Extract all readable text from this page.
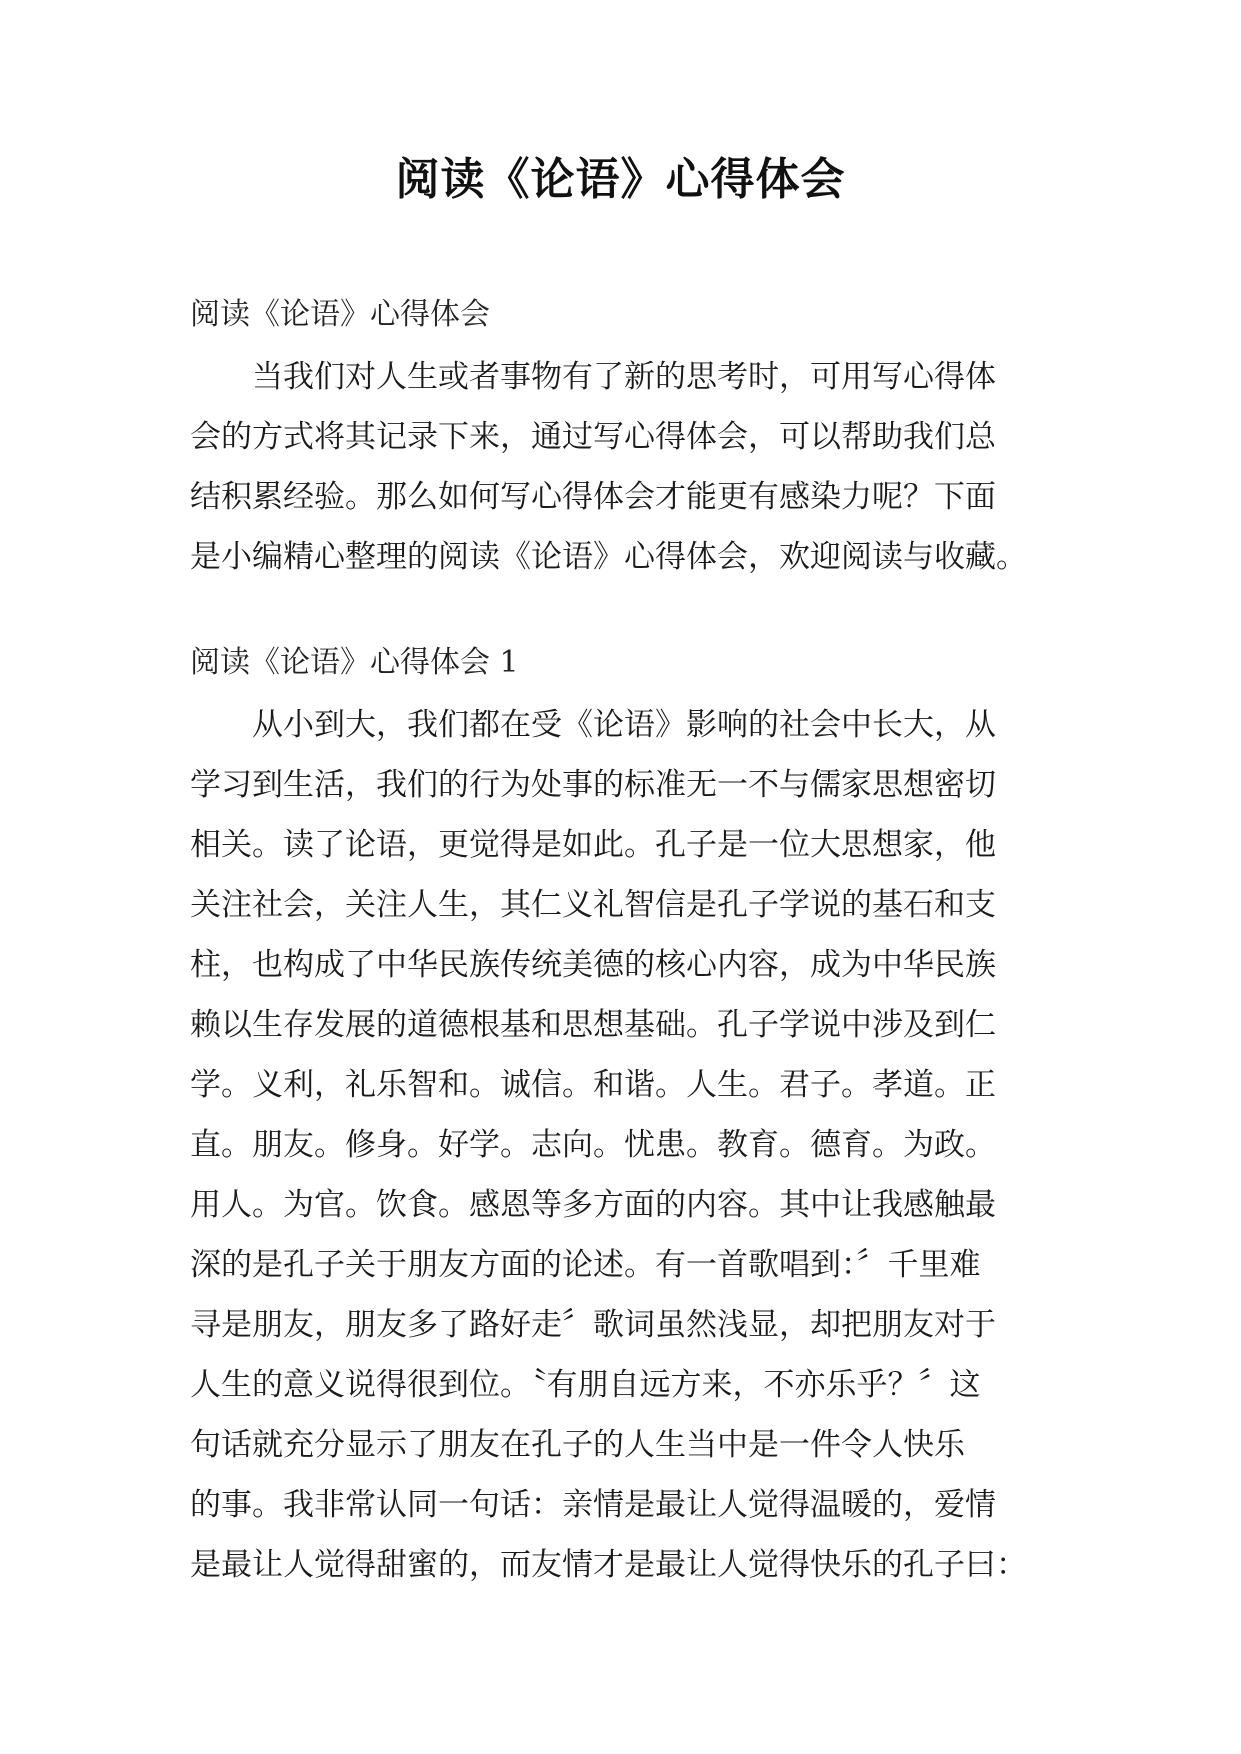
阅读《论语》心得体会

阅读《论语》心得体会

　　当我们对人生或者事物有了新的思考时，可用写心得体
会的方式将其记录下来，通过写心得体会，可以帮助我们总
结积累经验。那么如何写心得体会才能更有感染力呢？下面
是小编精心整理的阅读《论语》心得体会，欢迎阅读与收藏。

阅读《论语》心得体会 1

　　从小到大，我们都在受《论语》影响的社会中长大，从
学习到生活，我们的行为处事的标准无一不与儒家思想密切
相关。读了论语，更觉得是如此。孔子是一位大思想家，他
关注社会，关注人生，其仁义礼智信是孔子学说的基石和支
柱，也构成了中华民族传统美德的核心内容，成为中华民族
赖以生存发展的道德根基和思想基础。孔子学说中涉及到仁
学。义利，礼乐智和。诚信。和谐。人生。君子。孝道。正
直。朋友。修身。好学。志向。忧患。教育。德育。为政。
用人。为官。饮食。感恩等多方面的内容。其中让我感触最
深的是孔子关于朋友方面的论述。有一首歌唱到：〞千里难
寻是朋友，朋友多了路好走〞歌词虽然浅显，却把朋友对于
人生的意义说得很到位。〝有朋自远方来，不亦乐乎？〞这
句话就充分显示了朋友在孔子的人生当中是一件令人快乐
的事。我非常认同一句话：亲情是最让人觉得温暖的，爱情
是最让人觉得甜蜜的，而友情才是最让人觉得快乐的孔子曰：
